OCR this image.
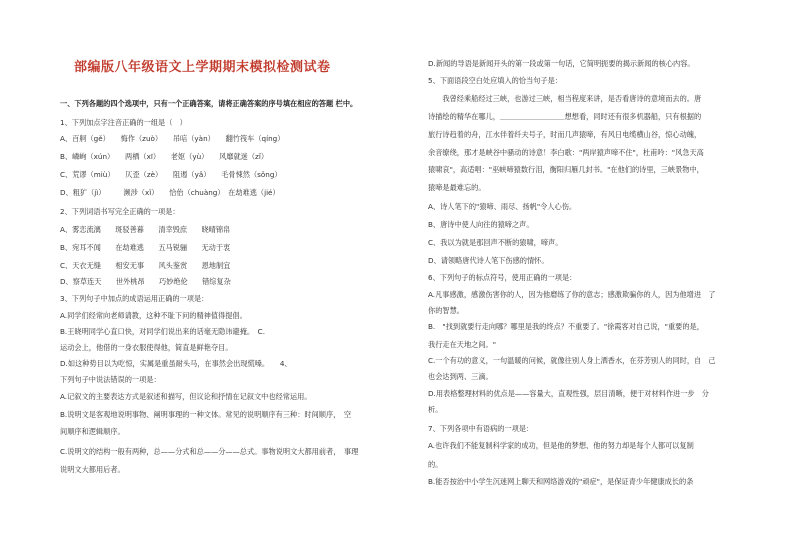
部编版八年级语文上学期期末模拟检测试卷
一、下列各题的四个选项中，只有一个正确答案，请将正确答案的序号填在相应的答题 栏中。
1、下列加点字注音正确的一组是（　）
A、百舸（gě）　　悔作（zuò）　　吊唁（yàn）　　翻竹筏车（qíng）
B、嶙峋（xún）　　两栖（xī）　　老妪（yù）　　风靡就迷（zǐ）
C、荒谬（miù）　　仄歪（zè）　　阻遏（yǎ）　　毛骨悚然（sǒng）
D、粗犷（jì）　　　濒涉（xǐ）　　恰佁（chuàng）　在劫难逃（jié）
2、下列词语书写完全正确的一项是：
A、雾恋流漓　　斑驳善暮　　清幸毁庶　　晓晴锦帛
B、宛耳不闻　　在劫难逃　　五马锐骊　　无动于衷
C、天衣无缝　　相安无事　　风头鉴赏　　恩地制宜
D、察草连天　　世外桃昂　　巧妙绝伦　　错综复杂
3、下列句子中加点的成语运用正确的一项是：
A.同学们经常向老师请教，这种不耻下问的精神值得提倡。
B.王晓明同学心直口快，对同学们说出来的话毫无隐讳避掩。　C.
运动会上，他借的一身衣服使得他，简直是鲜艳夺目。
D.如这种势目以为吃惊，实属是重虽耐头马，在事然会出现慌嗓。　　4、
下列句子中说法错误的一项是：
A.记叙文的主要表达方式是叙述和描写，但议论和抒情在记叙文中也经常运用。
B.说明文是客观地说明事物、阐明事理的一种文体。常见的说明顺序有三种：时间顺序，　空
间顺序和逻辑顺序。
C.说明文的结构一般有两种，总——分式和总——分——总式。事物说明文大都用前者，　事理
说明文大都用后者。
D.新闻的导语是新闻开头的第一段或第一句话，它简明扼要的揭示新闻的核心内容。
5、下面语段空白处应填入的恰当句子是：
　　我曾经乘船经过三峡，也游过三峡，相当程度来讲，是否看唐诗的意境而去的。唐
诗描绘的精华在哪儿，＿＿＿＿＿＿＿＿＿想想看，同时还有很多机器船，只有根据的
旅行诗趋着的舟，江水伴着纤夫号子，时而几声猿啼，有风日电缆横山谷，惊心动魄，
余音缭绕，那才是峡谷中骚动的诗意！李白歌："两岸猿声啼不住"，杜甫吟："风急天高
猿啸哀"，高适唱："巫峡啼猿数行泪，衡阳归雁几封书。"在他们的诗里，三峡景物中，
猿啼是最难忘的。
A、诗人笔下的"猿啼、雨尽、扬帆"令人心伤。
B、唐诗中使人向往的猿啼之声。
C、我以为就是那回声不断的猿啸，啼声。
D、请领略唐代诗人笔下伤感的情怀。
6、下列句子的标点符号，使用正确的一项是：
A.凡事感激，感激伤害你的人，因为他磨练了你的意志；感激欺骗你的人，因为他增进　了
你的智慧。
B.　"找到就要行走向哪？哪里是我的终点？不重要了。"徐霞客对自己说，"重要的是，
我行走在天地之间。"
C.一个有功的意义，一句温暖的问候，就像往别人身上洒香水，在芬芳别人的同时，自　己
也会达到两、三滴。
D.用表格整理材料的优点是——容量大，直观性强，层目清晰，便于对材料作进一步　分
析。
7、下列各项中有语病的一项是：
A.也许我们不能复制科学家的成功，但是他的梦想、他的努力却是每个人都可以复制
的。
B.能否按治中小学生沉迷网上聊天和网络游戏的"顽症"，是保证青少年健康成长的条
